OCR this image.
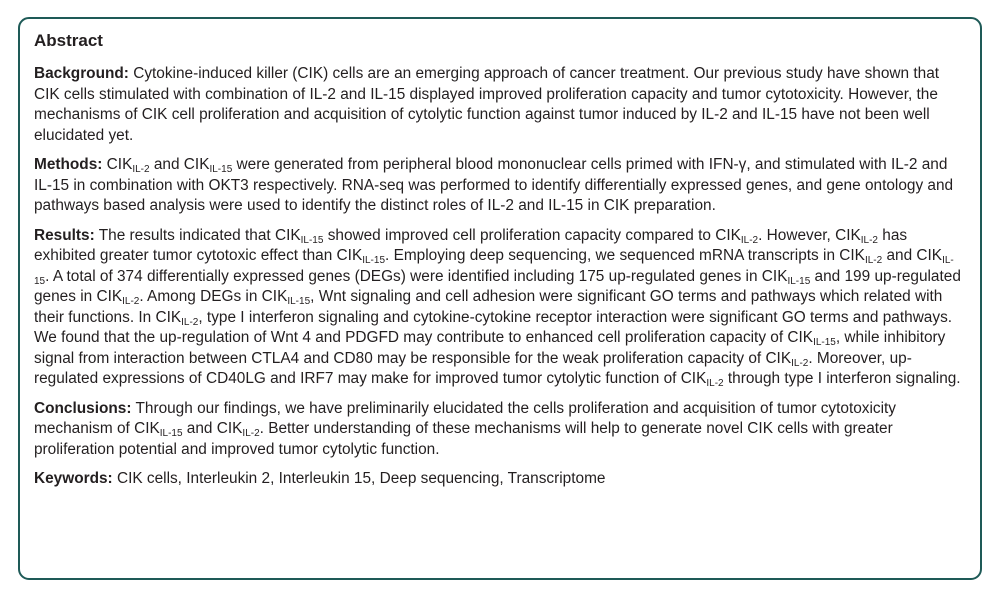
Abstract

Background: Cytokine-induced killer (CIK) cells are an emerging approach of cancer treatment. Our previous study have shown that CIK cells stimulated with combination of IL-2 and IL-15 displayed improved proliferation capacity and tumor cytotoxicity. However, the mechanisms of CIK cell proliferation and acquisition of cytolytic function against tumor induced by IL-2 and IL-15 have not been well elucidated yet.

Methods: CIKIL-2 and CIKIL-15 were generated from peripheral blood mononuclear cells primed with IFN-γ, and stimulated with IL-2 and IL-15 in combination with OKT3 respectively. RNA-seq was performed to identify differentially expressed genes, and gene ontology and pathways based analysis were used to identify the distinct roles of IL-2 and IL-15 in CIK preparation.

Results: The results indicated that CIKIL-15 showed improved cell proliferation capacity compared to CIKIL-2. However, CIKIL-2 has exhibited greater tumor cytotoxic effect than CIKIL-15. Employing deep sequencing, we sequenced mRNA transcripts in CIKIL-2 and CIKIL-15. A total of 374 differentially expressed genes (DEGs) were identified including 175 up-regulated genes in CIKIL-15 and 199 up-regulated genes in CIKIL-2. Among DEGs in CIKIL-15, Wnt signaling and cell adhesion were significant GO terms and pathways which related with their functions. In CIKIL-2, type I interferon signaling and cytokine-cytokine receptor interaction were significant GO terms and pathways. We found that the up-regulation of Wnt 4 and PDGFD may contribute to enhanced cell proliferation capacity of CIKIL-15, while inhibitory signal from interaction between CTLA4 and CD80 may be responsible for the weak proliferation capacity of CIKIL-2. Moreover, up-regulated expressions of CD40LG and IRF7 may make for improved tumor cytolytic function of CIKIL-2 through type I interferon signaling.

Conclusions: Through our findings, we have preliminarily elucidated the cells proliferation and acquisition of tumor cytotoxicity mechanism of CIKIL-15 and CIKIL-2. Better understanding of these mechanisms will help to generate novel CIK cells with greater proliferation potential and improved tumor cytolytic function.

Keywords: CIK cells, Interleukin 2, Interleukin 15, Deep sequencing, Transcriptome
